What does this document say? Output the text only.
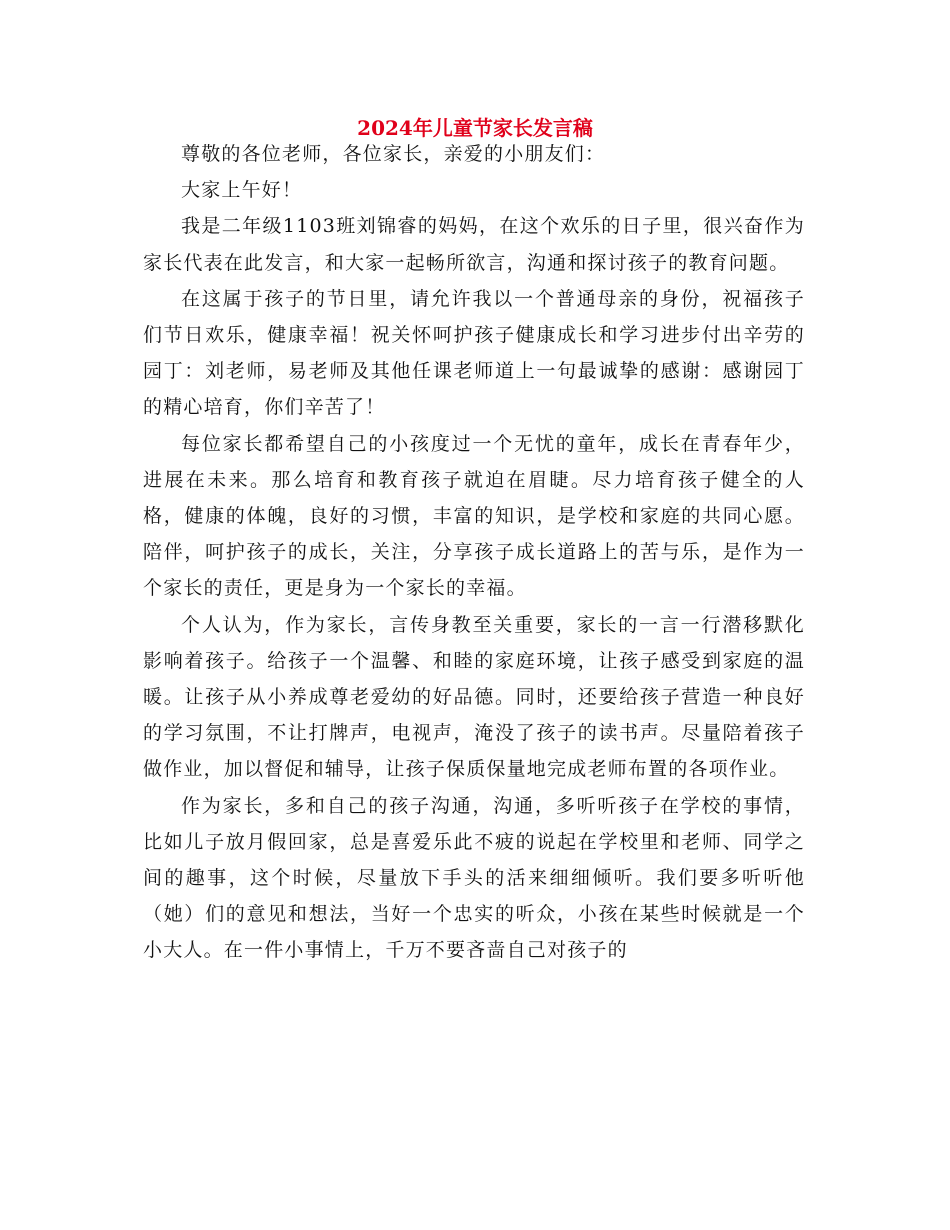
2024年儿童节家长发言稿

尊敬的各位老师，各位家长，亲爱的小朋友们：

大家上午好！

我是二年级1103班刘锦睿的妈妈，在这个欢乐的日子里，很兴奋作为家长代表在此发言，和大家一起畅所欲言，沟通和探讨孩子的教育问题。

在这属于孩子的节日里，请允许我以一个普通母亲的身份，祝福孩子们节日欢乐，健康幸福！祝关怀呵护孩子健康成长和学习进步付出辛劳的园丁：刘老师，易老师及其他任课老师道上一句最诚挚的感谢：感谢园丁的精心培育，你们辛苦了！

每位家长都希望自己的小孩度过一个无忧的童年，成长在青春年少，进展在未来。那么培育和教育孩子就迫在眉睫。尽力培育孩子健全的人格，健康的体魄，良好的习惯，丰富的知识，是学校和家庭的共同心愿。陪伴，呵护孩子的成长，关注，分享孩子成长道路上的苦与乐，是作为一个家长的责任，更是身为一个家长的幸福。

个人认为，作为家长，言传身教至关重要，家长的一言一行潜移默化影响着孩子。给孩子一个温馨、和睦的家庭环境，让孩子感受到家庭的温暖。让孩子从小养成尊老爱幼的好品德。同时，还要给孩子营造一种良好的学习氛围，不让打牌声，电视声，淹没了孩子的读书声。尽量陪着孩子做作业，加以督促和辅导，让孩子保质保量地完成老师布置的各项作业。

作为家长，多和自己的孩子沟通，沟通，多听听孩子在学校的事情，比如儿子放月假回家，总是喜爱乐此不疲的说起在学校里和老师、同学之间的趣事，这个时候，尽量放下手头的活来细细倾听。我们要多听听他（她）们的意见和想法，当好一个忠实的听众，小孩在某些时候就是一个小大人。在一件小事情上，千万不要吝啬自己对孩子的
